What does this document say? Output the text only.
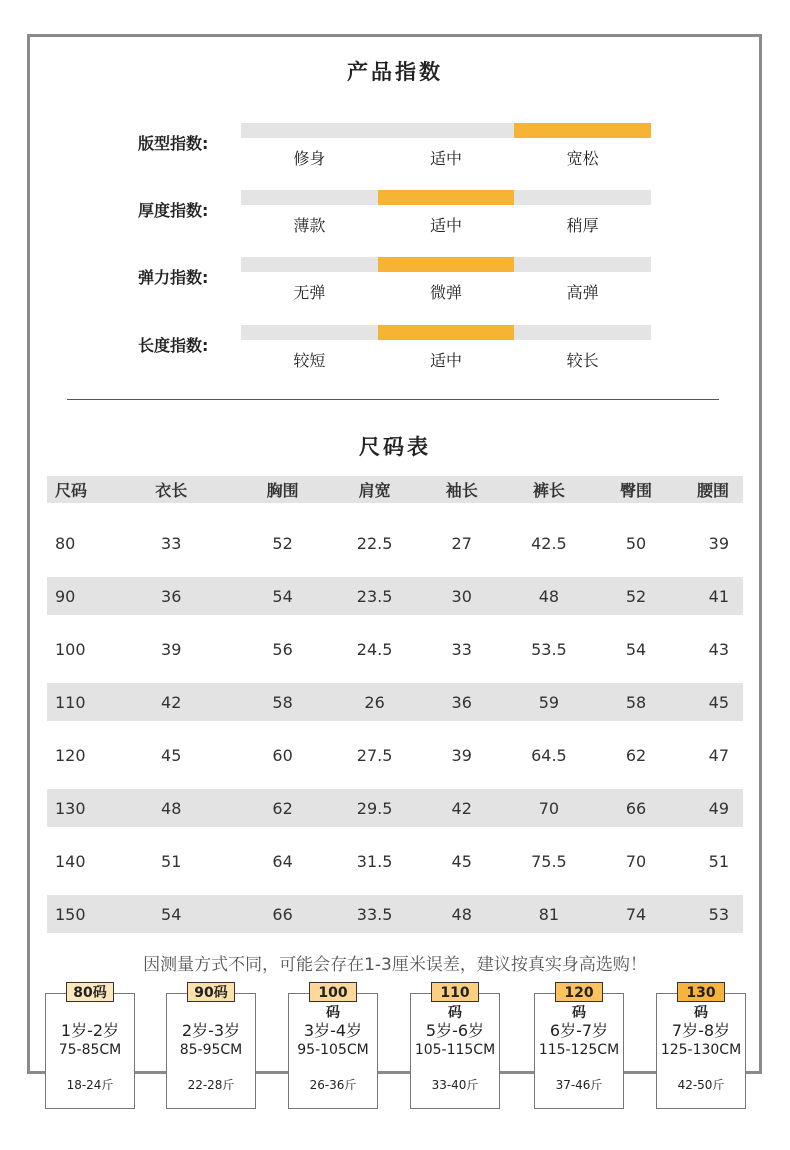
产品指数
版型指数:
修身	适中	宽松
厚度指数:
薄款	适中	稍厚
弹力指数:
无弹	微弹	高弹
长度指数:
较短	适中	较长
尺码表
尺码	衣长	胸围	肩宽	袖长	裤长	臀围	腰围
80	33	52	22.5	27	42.5	50	39
90	36	54	23.5	30	48	52	41
100	39	56	24.5	33	53.5	54	43
110	42	58	26	36	59	58	45
120	45	60	27.5	39	64.5	62	47
130	48	62	29.5	42	70	66	49
140	51	64	31.5	45	75.5	70	51
150	54	66	33.5	48	81	74	53
因测量方式不同，可能会存在1-3厘米误差，建议按真实身高选购！
80码
1岁-2岁
75-85CM
18-24斤
90码
2岁-3岁
85-95CM
22-28斤
100码
3岁-4岁
95-105CM
26-36斤
110码
5岁-6岁
105-115CM
33-40斤
120码
6岁-7岁
115-125CM
37-46斤
130码
7岁-8岁
125-130CM
42-50斤
